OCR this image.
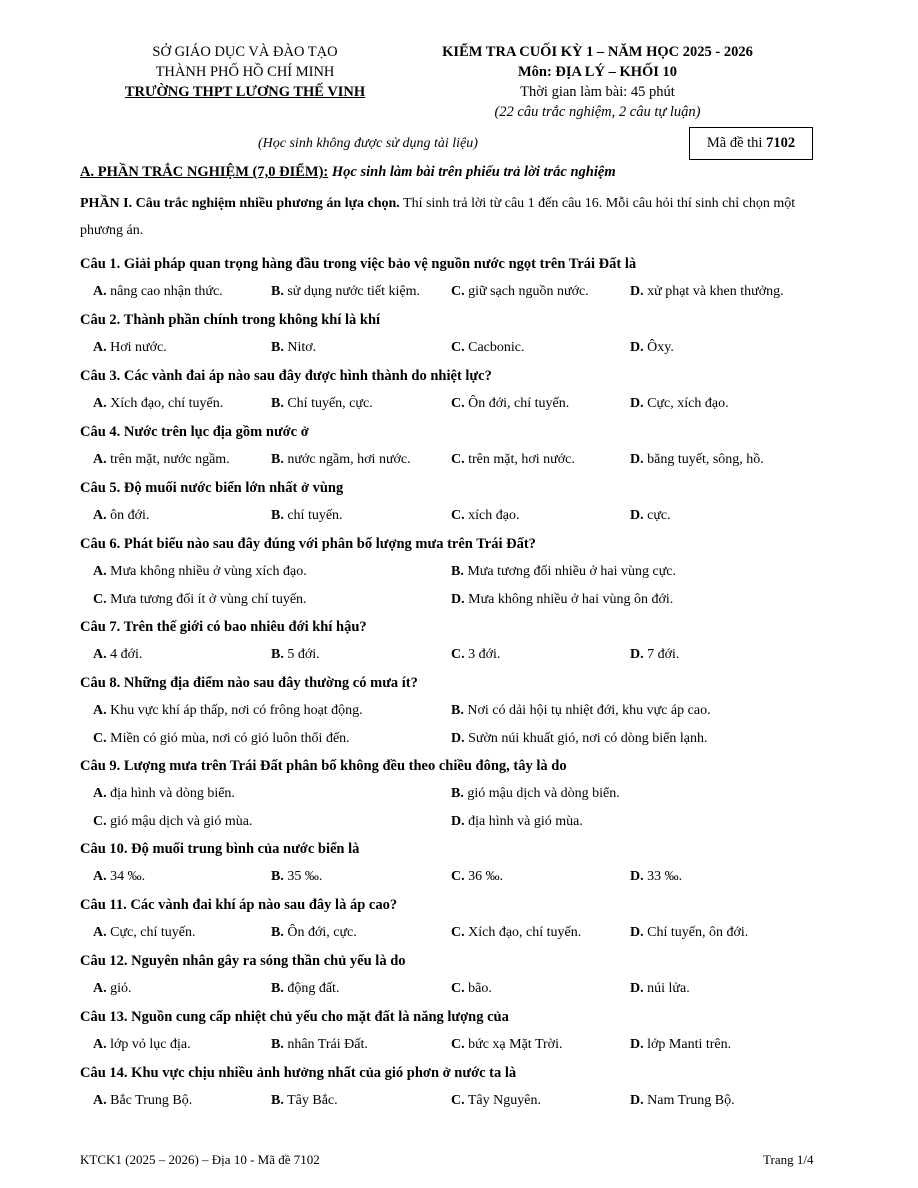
SỞ GIÁO DỤC VÀ ĐÀO TẠO
THÀNH PHỐ HỒ CHÍ MINH
TRƯỜNG THPT LƯƠNG THẾ VINH
KIỂM TRA CUỐI KỲ 1 – NĂM HỌC 2025 - 2026
Môn: ĐỊA LÝ – KHỐI 10
Thời gian làm bài: 45 phút
(22 câu trắc nghiệm, 2 câu tự luận)
(Học sinh không được sử dụng tài liệu)	Mã đề thi 7102
A. PHẦN TRẮC NGHIỆM (7,0 ĐIỂM): Học sinh làm bài trên phiếu trả lời trắc nghiệm
PHẦN I. Câu trắc nghiệm nhiều phương án lựa chọn. Thí sinh trả lời từ câu 1 đến câu 16. Mỗi câu hỏi thí sinh chỉ chọn một phương án.
Câu 1. Giải pháp quan trọng hàng đầu trong việc bảo vệ nguồn nước ngọt trên Trái Đất là
A. nâng cao nhận thức.	B. sử dụng nước tiết kiệm. C. giữ sạch nguồn nước.	D. xử phạt và khen thưởng.
Câu 2. Thành phần chính trong không khí là khí
A. Hơi nước.	B. Nitơ.	C. Cacbonic.	D. Ôxy.
Câu 3. Các vành đai áp nào sau đây được hình thành do nhiệt lực?
A. Xích đạo, chí tuyến.	B. Chí tuyến, cực.	C. Ôn đới, chí tuyến.	D. Cực, xích đạo.
Câu 4. Nước trên lục địa gồm nước ở
A. trên mặt, nước ngầm.	B. nước ngầm, hơi nước.	C. trên mặt, hơi nước.	D. băng tuyết, sông, hồ.
Câu 5. Độ muối nước biển lớn nhất ở vùng
A. ôn đới.	B. chí tuyến.	C. xích đạo.	D. cực.
Câu 6. Phát biểu nào sau đây đúng với phân bố lượng mưa trên Trái Đất?
A. Mưa không nhiều ở vùng xích đạo.	B. Mưa tương đối nhiều ở hai vùng cực.
C. Mưa tương đối ít ở vùng chí tuyến.	D. Mưa không nhiều ở hai vùng ôn đới.
Câu 7. Trên thế giới có bao nhiêu đới khí hậu?
A. 4 đới.	B. 5 đới.	C. 3 đới.	D. 7 đới.
Câu 8. Những địa điểm nào sau đây thường có mưa ít?
A. Khu vực khí áp thấp, nơi có frông hoạt động.	B. Nơi có dải hội tụ nhiệt đới, khu vực áp cao.
C. Miền có gió mùa, nơi có gió luôn thổi đến.	D. Sườn núi khuất gió, nơi có dòng biển lạnh.
Câu 9. Lượng mưa trên Trái Đất phân bố không đều theo chiều đông, tây là do
A. địa hình và dòng biển.	B. gió mậu dịch và dòng biển.
C. gió mậu dịch và gió mùa.	D. địa hình và gió mùa.
Câu 10. Độ muối trung bình của nước biển là
A. 34 ‰.	B. 35 ‰.	C. 36 ‰.	D. 33 ‰.
Câu 11. Các vành đai khí áp nào sau đây là áp cao?
A. Cực, chí tuyến.	B. Ôn đới, cực.	C. Xích đạo, chí tuyến.	D. Chí tuyến, ôn đới.
Câu 12. Nguyên nhân gây ra sóng thần chủ yếu là do
A. gió.	B. động đất.	C. bão.	D. núi lửa.
Câu 13. Nguồn cung cấp nhiệt chủ yếu cho mặt đất là năng lượng của
A. lớp vỏ lục địa.	B. nhân Trái Đất.	C. bức xạ Mặt Trời.	D. lớp Manti trên.
Câu 14. Khu vực chịu nhiều ảnh hưởng nhất của gió phơn ở nước ta là
A. Bắc Trung Bộ.	B. Tây Bắc.	C. Tây Nguyên.	D. Nam Trung Bộ.
KTCK1 (2025 – 2026) – Địa 10 - Mã đề 7102	Trang 1/4
